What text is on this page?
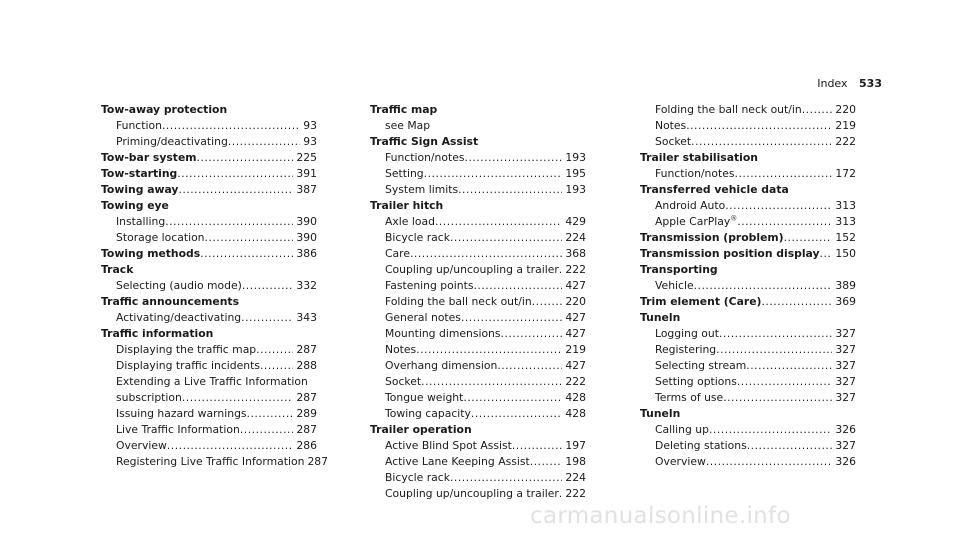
Index 533
Tow-away protection
Function .....	93
Priming/deactivating .....	93
Tow-bar system .....	225
Tow-starting .....	391
Towing away .....	387
Towing eye
Installing .....	390
Storage location .....	390
Towing methods .....	386
Track
Selecting (audio mode) .....	332
Traffic announcements
Activating/deactivating .....	343
Traffic information
Displaying the traffic map .....	287
Displaying traffic incidents .....	288
Extending a Live Traffic Information
subscription .....	287
Issuing hazard warnings .....	289
Live Traffic Information .....	287
Overview .....	286
Registering Live Traffic Information 287
Traffic map
see Map
Traffic Sign Assist
Function/notes .....	193
Setting .....	195
System limits .....	193
Trailer hitch
Axle load .....	429
Bicycle rack .....	224
Care .....	368
Coupling up/uncoupling a trailer ..... 222
Fastening points .....	427
Folding the ball neck out/in .....	220
General notes .....	427
Mounting dimensions .....	427
Notes .....	219
Overhang dimension .....	427
Socket .....	222
Tongue weight .....	428
Towing capacity .....	428
Trailer operation
Active Blind Spot Assist .....	197
Active Lane Keeping Assist .....	198
Bicycle rack .....	224
Coupling up/uncoupling a trailer ..... 222
Folding the ball neck out/in .....	220
Notes .....	219
Socket .....	222
Trailer stabilisation
Function/notes .....	172
Transferred vehicle data
Android Auto .....	313
Apple CarPlay® .....	313
Transmission (problem) .....	152
Transmission position display ..... 150
Transporting
Vehicle .....	389
Trim element (Care) .....	369
Tuneln
Logging out .....	327
Registering .....	327
Selecting stream .....	327
Setting options .....	327
Terms of use .....	327
Tuneln
Calling up .....	326
Deleting stations .....	327
Overview .....	326
carmanualsonline.info
